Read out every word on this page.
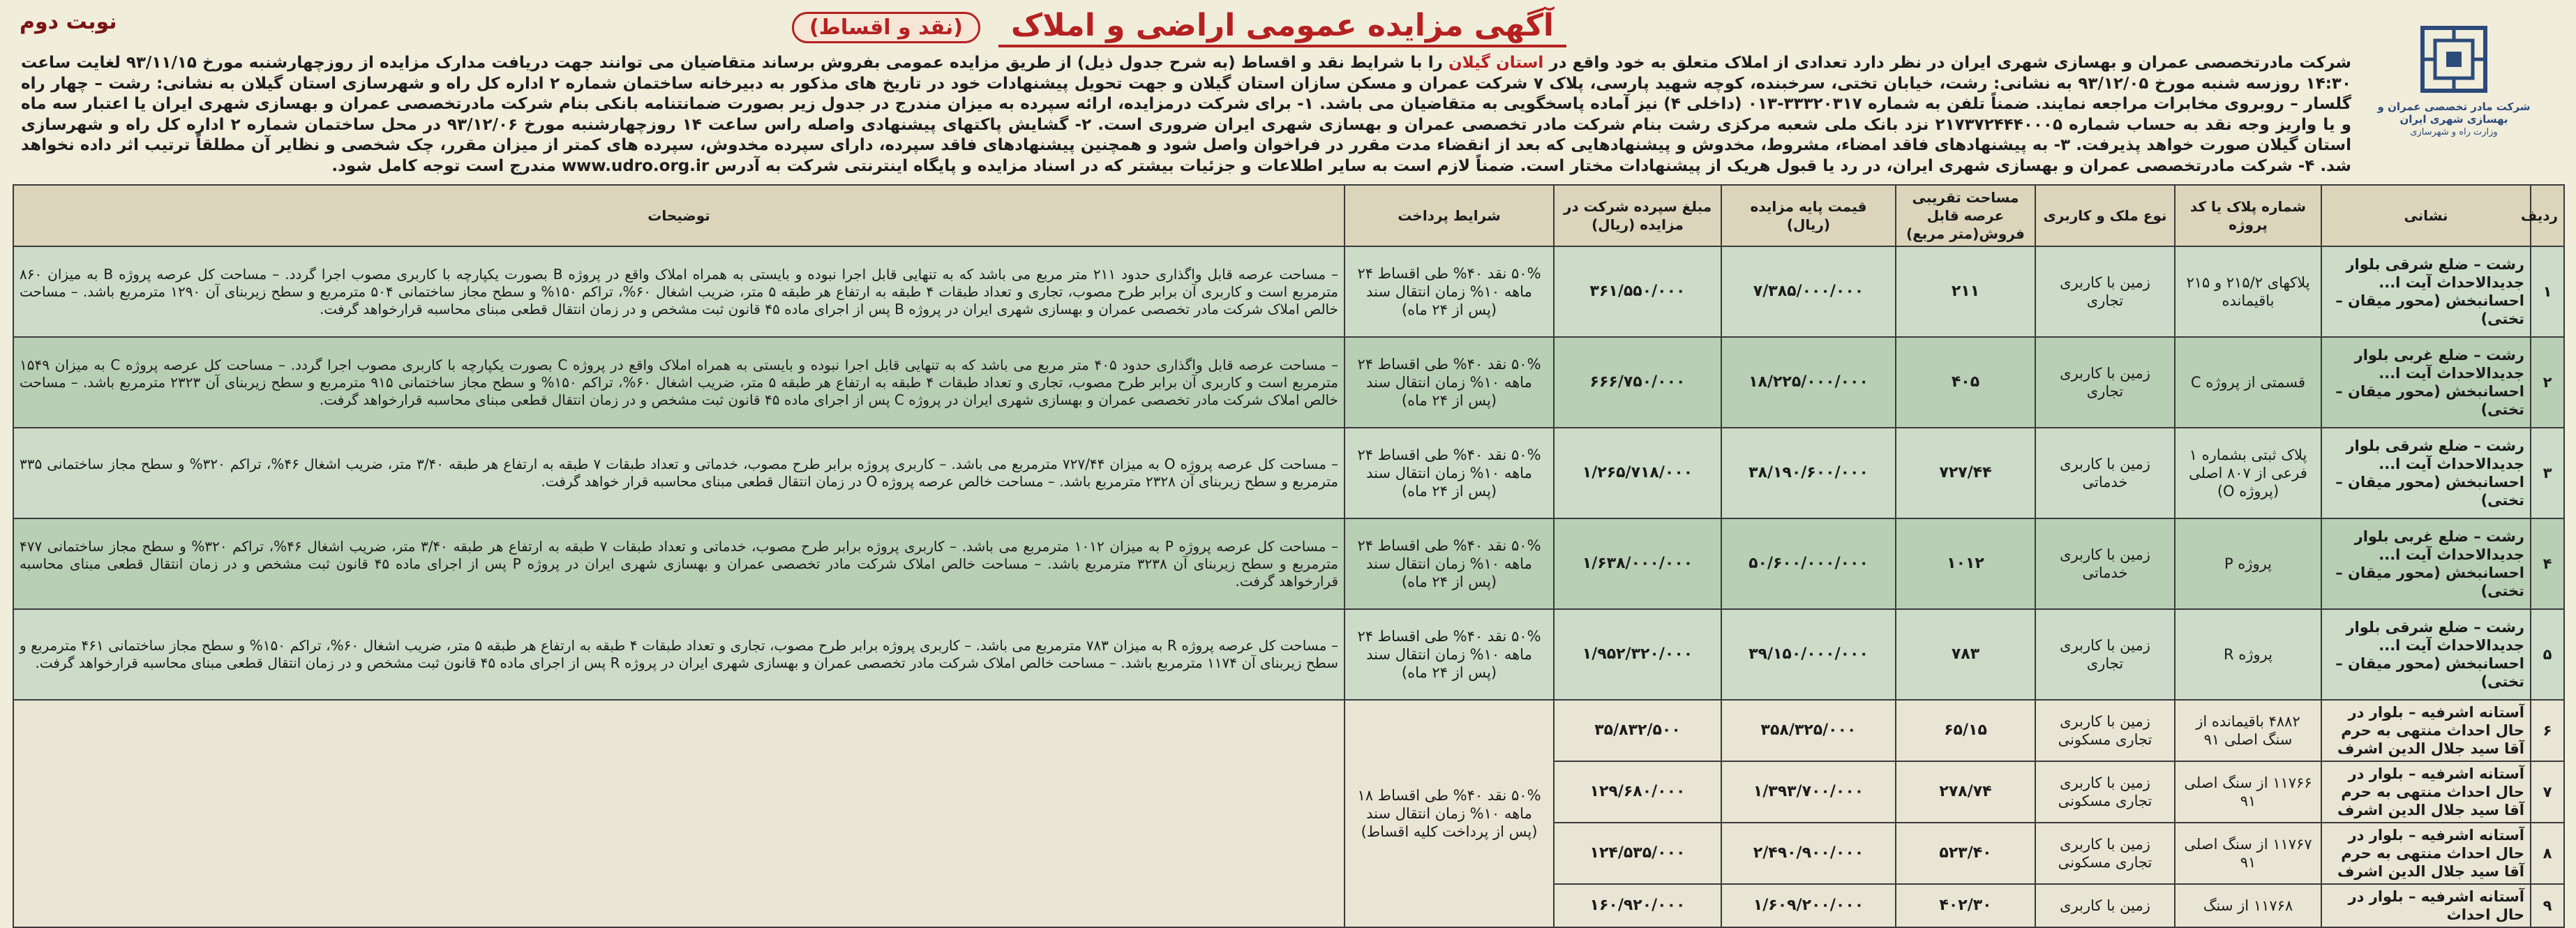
نوبت دوم	آگهی مزایده عمومی اراضی و املاک
(نقد و اقساط)
شرکت مادر تخصصی عمران و بهسازی شهری ایران
وزارت راه و شهرسازی
شرکت مادرتخصصی عمران و بهسازی شهری ایران در نظر دارد تعدادی از املاک متعلق به خود واقع در استان گیلان را با شرایط نقد و اقساط (به شرح جدول ذیل) از طریق مزایده عمومی بفروش برساند متقاضیان می توانند جهت دریافت مدارک مزایده از روزچهارشنبه مورخ ۹۳/۱۱/۱۵ لغایت ساعت ۱۴:۳۰ روزسه شنبه مورخ ۹۳/۱۲/۰۵ به نشانی: رشت، خیابان تختی، سرخبنده، کوچه شهید پارسی، پلاک ۷ شرکت عمران و مسکن سازان استان گیلان و جهت تحویل پیشنهادات خود در تاریخ های مذکور به دبیرخانه ساختمان شماره ۲ اداره کل راه و شهرسازی استان گیلان به نشانی: رشت – چهار راه گلسار – روبروی مخابرات مراجعه نمایند. ضمناً تلفن به شماره ۳۳۳۲۰۳۱۷-۰۱۳ (داخلی ۴) نیز آماده پاسخگویی به متقاضیان می باشد. ۱- برای شرکت درمزایده، ارائه سپرده به میزان مندرج در جدول زیر بصورت ضمانتنامه بانکی بنام شرکت مادرتخصصی عمران و بهسازی شهری ایران یا اعتبار سه ماه و یا واریز وجه نقد به حساب شماره ۲۱۷۳۷۲۴۴۴۰۰۰۵ نزد بانک ملی شعبه مرکزی رشت بنام شرکت مادر تخصصی عمران و بهسازی شهری ایران ضروری است. ۲- گشایش پاکتهای پیشنهادی واصله راس ساعت ۱۴ روزچهارشنبه مورخ ۹۳/۱۲/۰۶ در محل ساختمان شماره ۲ اداره کل راه و شهرسازی استان گیلان صورت خواهد پذیرفت. ۳- به پیشنهادهای فاقد امضاء، مشروط، مخدوش و پیشنهادهایی که بعد از انقضاء مدت مقرر در فراخوان واصل شود و همچنین پیشنهادهای فاقد سپرده، دارای سپرده مخدوش، سپرده های کمتر از میزان مقرر، چک شخصی و نظایر آن مطلقاً ترتیب اثر داده نخواهد شد. ۴- شرکت مادرتخصصی عمران و بهسازی شهری ایران، در رد یا قبول هریک از پیشنهادات مختار است. ضمناً لازم است به سایر اطلاعات و جزئیات بیشتر که در اسناد مزایده و پایگاه اینترنتی شرکت به آدرس www.udro.org.ir مندرج است توجه کامل شود.
ردیف	نشانی	شماره پلاک یا کد پروژه	نوع ملک و کاربری	مساحت تقریبی عرصه قابل فروش(متر مربع)	قیمت پایه مزایده (ریال)	مبلغ سپرده شرکت در مزایده (ریال)	شرایط پرداخت	توضیحات
۱	رشت – ضلع شرقی بلوار جدیدالاحداث آیت ا... احسانبخش (محور میقان – تختی)	پلاکهای ۲۱۵/۲ و ۲۱۵ باقیمانده	زمین با کاربری تجاری	۲۱۱	۷/۳۸۵/۰۰۰/۰۰۰	۳۶۱/۵۵۰/۰۰۰	۵۰% نقد ۴۰% طی اقساط ۲۴ ماهه ۱۰% زمان انتقال سند (پس از ۲۴ ماه)	– مساحت عرصه قابل واگذاری حدود ۲۱۱ متر مربع می باشد که به تنهایی قابل اجرا نبوده و بایستی به همراه املاک واقع در پروژه B بصورت یکپارچه با کاربری مصوب اجرا گردد. – مساحت کل عرصه پروژه B به میزان ۸۶۰ مترمربع است و کاربری آن برابر طرح مصوب، تجاری و تعداد طبقات ۴ طبقه به ارتفاع هر طبقه ۵ متر، ضریب اشغال ۶۰%، تراکم ۱۵۰% و سطح مجاز ساختمانی ۵۰۴ مترمربع و سطح زیربنای آن ۱۲۹۰ مترمربع باشد. – مساحت خالص املاک شرکت مادر تخصصی عمران و بهسازی شهری ایران در پروژه B پس از اجرای ماده ۴۵ قانون ثبت مشخص و در زمان انتقال قطعی مبنای محاسبه قرارخواهد گرفت.
۲	رشت – ضلع غربی بلوار جدیدالاحداث آیت ا... احسانبخش (محور میقان – تختی)	قسمتی از پروژه C	زمین با کاربری تجاری	۴۰۵	۱۸/۲۲۵/۰۰۰/۰۰۰	۶۶۶/۷۵۰/۰۰۰	۵۰% نقد ۴۰% طی اقساط ۲۴ ماهه ۱۰% زمان انتقال سند (پس از ۲۴ ماه)	– مساحت عرصه قابل واگذاری حدود ۴۰۵ متر مربع می باشد که به تنهایی قابل اجرا نبوده و بایستی به همراه املاک واقع در پروژه C بصورت یکپارچه با کاربری مصوب اجرا گردد. – مساحت کل عرصه پروژه C به میزان ۱۵۴۹ مترمربع است و کاربری آن برابر طرح مصوب، تجاری و تعداد طبقات ۴ طبقه به ارتفاع هر طبقه ۵ متر، ضریب اشغال ۶۰%، تراکم ۱۵۰% و سطح مجاز ساختمانی ۹۱۵ مترمربع و سطح زیربنای آن ۲۳۲۳ مترمربع باشد. – مساحت خالص املاک شرکت مادر تخصصی عمران و بهسازی شهری ایران در پروژه C پس از اجرای ماده ۴۵ قانون ثبت مشخص و در زمان انتقال قطعی مبنای محاسبه قرارخواهد گرفت.
۳	رشت – ضلع شرقی بلوار جدیدالاحداث آیت ا... احسانبخش (محور میقان – تختی)	پلاک ثبتی بشماره ۱ فرعی از ۸۰۷ اصلی (پروژه O)	زمین با کاربری خدماتی	۷۲۷/۴۴	۳۸/۱۹۰/۶۰۰/۰۰۰	۱/۲۶۵/۷۱۸/۰۰۰	۵۰% نقد ۴۰% طی اقساط ۲۴ ماهه ۱۰% زمان انتقال سند (پس از ۲۴ ماه)	– مساحت کل عرصه پروژه O به میزان ۷۲۷/۴۴ مترمربع می باشد. – کاربری پروژه برابر طرح مصوب، خدماتی و تعداد طبقات ۷ طبقه به ارتفاع هر طبقه ۳/۴۰ متر، ضریب اشغال ۴۶%، تراکم ۳۲۰% و سطح مجاز ساختمانی ۳۳۵ مترمربع و سطح زیربنای آن ۲۳۲۸ مترمربع باشد. – مساحت خالص عرصه پروژه O در زمان انتقال قطعی مبنای محاسبه قرار خواهد گرفت.
۴	رشت – ضلع غربی بلوار جدیدالاحداث آیت ا... احسانبخش (محور میقان – تختی)	پروژه P	زمین با کاربری خدماتی	۱۰۱۲	۵۰/۶۰۰/۰۰۰/۰۰۰	۱/۶۳۸/۰۰۰/۰۰۰	۵۰% نقد ۴۰% طی اقساط ۲۴ ماهه ۱۰% زمان انتقال سند (پس از ۲۴ ماه)	– مساحت کل عرصه پروژه P به میزان ۱۰۱۲ مترمربع می باشد. – کاربری پروژه برابر طرح مصوب، خدماتی و تعداد طبقات ۷ طبقه به ارتفاع هر طبقه ۳/۴۰ متر، ضریب اشغال ۴۶%، تراکم ۳۲۰% و سطح مجاز ساختمانی ۴۷۷ مترمربع و سطح زیربنای آن ۳۲۳۸ مترمربع باشد. – مساحت خالص املاک شرکت مادر تخصصی عمران و بهسازی شهری ایران در پروژه P پس از اجرای ماده ۴۵ قانون ثبت مشخص و در زمان انتقال قطعی مبنای محاسبه قرارخواهد گرفت.
۵	رشت – ضلع شرقی بلوار جدیدالاحداث آیت ا... احسانبخش (محور میقان – تختی)	پروژه R	زمین با کاربری تجاری	۷۸۳	۳۹/۱۵۰/۰۰۰/۰۰۰	۱/۹۵۲/۳۲۰/۰۰۰	۵۰% نقد ۴۰% طی اقساط ۲۴ ماهه ۱۰% زمان انتقال سند (پس از ۲۴ ماه)	– مساحت کل عرصه پروژه R به میزان ۷۸۳ مترمربع می باشد. – کاربری پروژه برابر طرح مصوب، تجاری و تعداد طبقات ۴ طبقه به ارتفاع هر طبقه ۵ متر، ضریب اشغال ۶۰%، تراکم ۱۵۰% و سطح مجاز ساختمانی ۴۶۱ مترمربع و سطح زیربنای آن ۱۱۷۴ مترمربع باشد. – مساحت خالص املاک شرکت مادر تخصصی عمران و بهسازی شهری ایران در پروژه R پس از اجرای ماده ۴۵ قانون ثبت مشخص و در زمان انتقال قطعی مبنای محاسبه قرارخواهد گرفت.
۶	آستانه اشرفیه – بلوار در حال احداث منتهی به حرم آقا سید جلال الدین اشرف	۴۸۸۲ باقیمانده از سنگ اصلی ۹۱	زمین با کاربری تجاری مسکونی	۶۵/۱۵	۳۵۸/۳۲۵/۰۰۰	۳۵/۸۳۲/۵۰۰	۵۰% نقد ۴۰% طی اقساط ۱۸ ماهه ۱۰% زمان انتقال سند (پس از پرداخت کلیه اقساط)	
۷	آستانه اشرفیه – بلوار در حال احداث منتهی به حرم آقا سید جلال الدین اشرف	۱۱۷۶۶ از سنگ اصلی ۹۱	زمین با کاربری تجاری مسکونی	۲۷۸/۷۴	۱/۳۹۳/۷۰۰/۰۰۰	۱۲۹/۶۸۰/۰۰۰		
۸	آستانه اشرفیه – بلوار در حال احداث منتهی به حرم آقا سید جلال الدین اشرف	۱۱۷۶۷ از سنگ اصلی ۹۱	زمین با کاربری تجاری مسکونی	۵۲۳/۴۰	۲/۴۹۰/۹۰۰/۰۰۰	۱۲۴/۵۳۵/۰۰۰		
۹	آستانه اشرفیه – بلوار در حال احداث	۱۱۷۶۸ از سنگ	زمین با کاربری	۴۰۲/۳۰	۱/۶۰۹/۲۰۰/۰۰۰	۱۶۰/۹۲۰/۰۰۰		
